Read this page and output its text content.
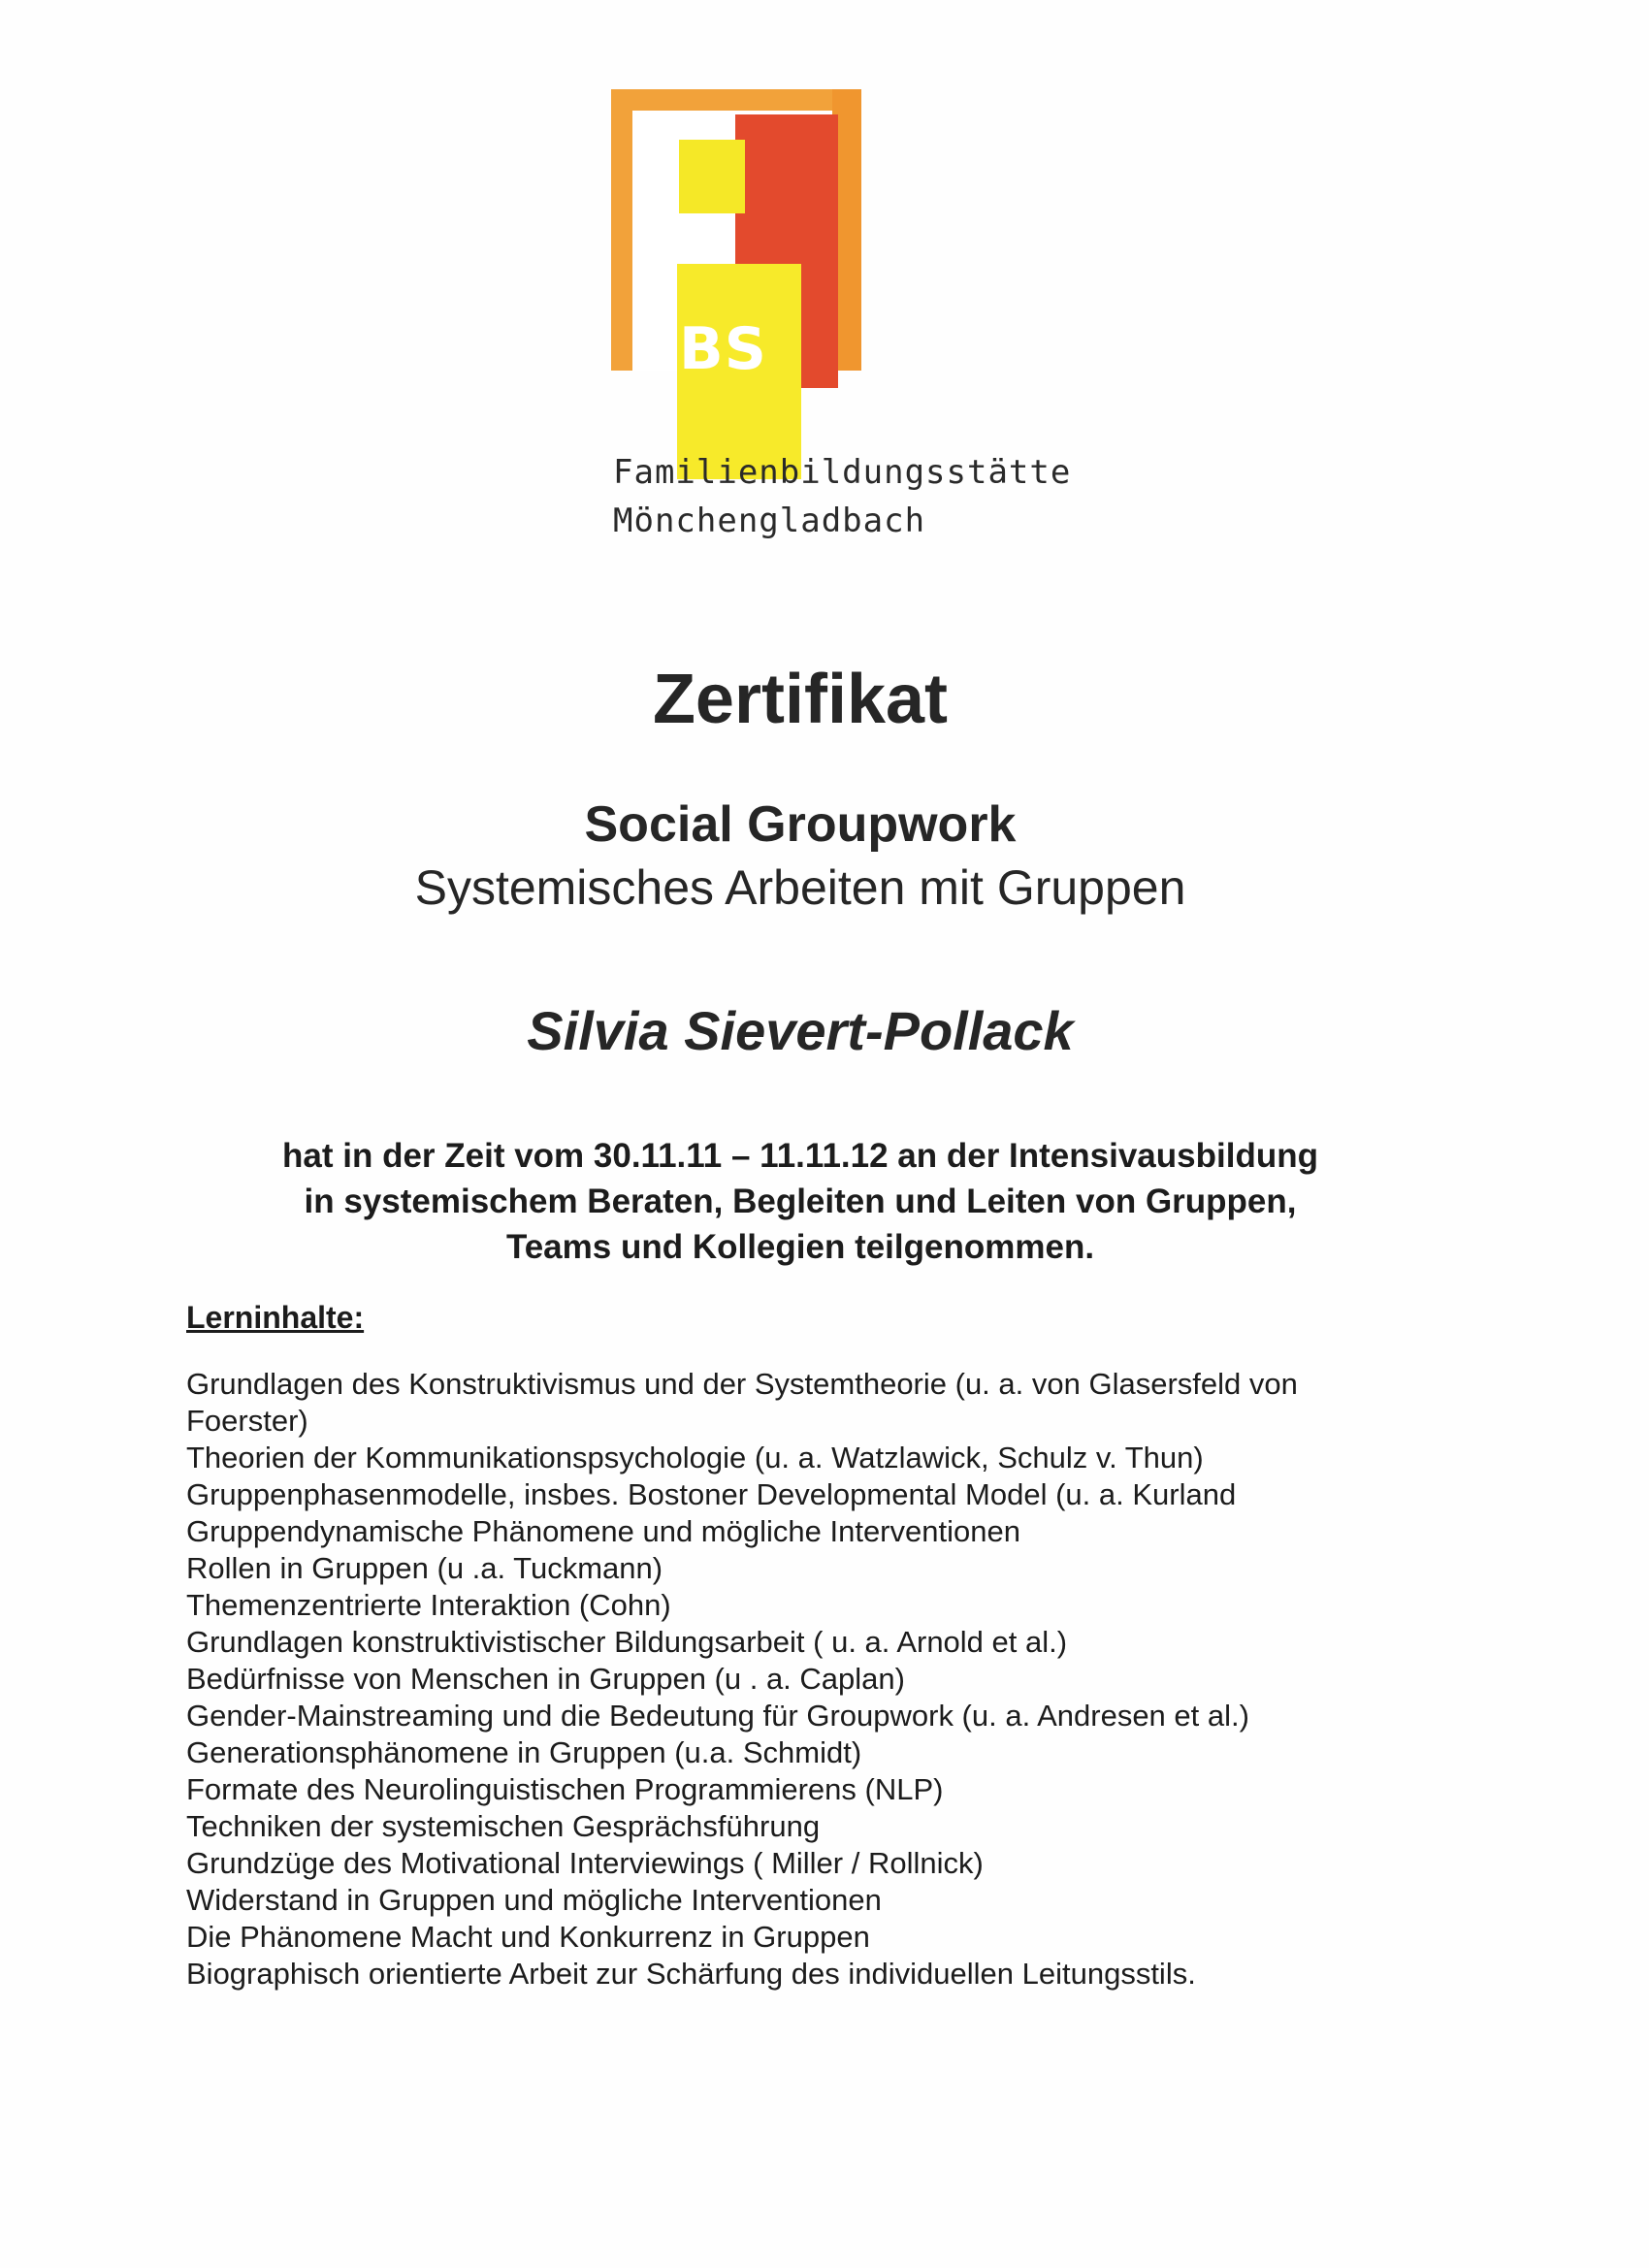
BS
Familienbildungsstätte
Mönchengladbach
Zertifikat
Social Groupwork
Systemisches Arbeiten mit Gruppen
Silvia Sievert-Pollack
hat in der Zeit vom 30.11.11 – 11.11.12 an der Intensivausbildung
in systemischem Beraten, Begleiten und Leiten von Gruppen,
Teams und Kollegien teilgenommen.
Lerninhalte:
Grundlagen des Konstruktivismus und der Systemtheorie (u. a. von Glasersfeld von
Foerster)
Theorien der Kommunikationspsychologie (u. a. Watzlawick, Schulz v. Thun)
Gruppenphasenmodelle, insbes. Bostoner Developmental Model (u. a. Kurland
Gruppendynamische Phänomene und mögliche Interventionen
Rollen in Gruppen (u .a. Tuckmann)
Themenzentrierte Interaktion (Cohn)
Grundlagen konstruktivistischer Bildungsarbeit ( u. a. Arnold et al.)
Bedürfnisse von Menschen in Gruppen (u . a. Caplan)
Gender-Mainstreaming und die Bedeutung für Groupwork (u. a. Andresen et al.)
Generationsphänomene in Gruppen (u.a. Schmidt)
Formate des Neurolinguistischen Programmierens (NLP)
Techniken der systemischen Gesprächsführung
Grundzüge des Motivational Interviewings ( Miller / Rollnick)
Widerstand in Gruppen und mögliche Interventionen
Die Phänomene Macht und Konkurrenz in Gruppen
Biographisch orientierte Arbeit zur Schärfung des individuellen Leitungsstils.
